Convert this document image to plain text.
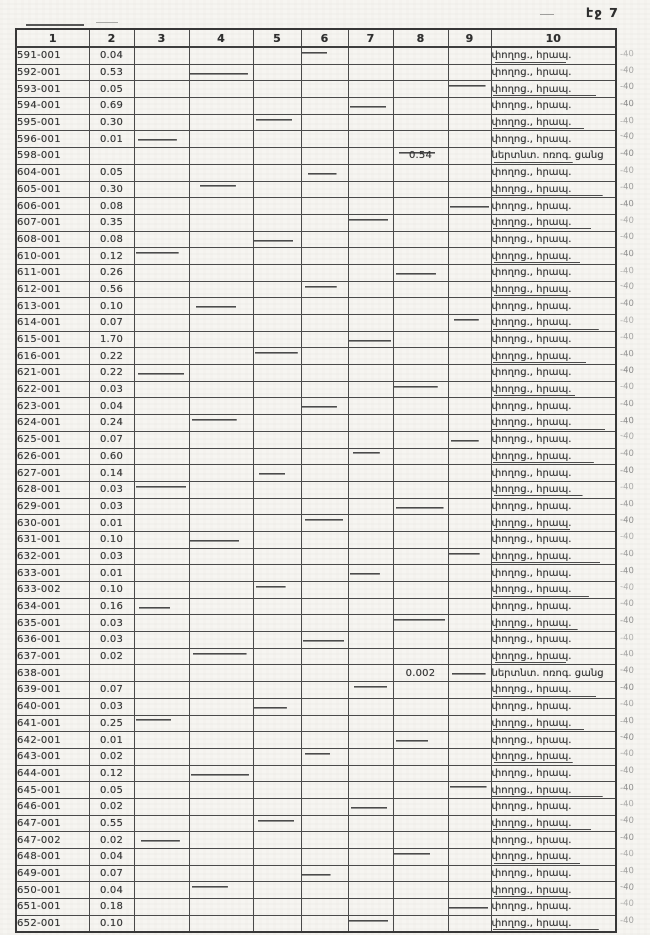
էջ 7
1	2	3	4	5	6	7	8	9	10
591-001	0.04								փողոց., հրապ.
592-001	0.53								փողոց., հրապ.
593-001	0.05								փողոց., հրապ.
594-001	0.69								փողոց., հրապ.
595-001	0.30								փողոց., հրապ.
596-001	0.01								փողոց., հրապ.
598-001							0.54		ներտնտ. ոռոգ. ցանց
604-001	0.05								փողոց., հրապ.
605-001	0.30								փողոց., հրապ.
606-001	0.08								փողոց., հրապ.
607-001	0.35								փողոց., հրապ.
608-001	0.08								փողոց., հրապ.
610-001	0.12								փողոց., հրապ.
611-001	0.26								փողոց., հրապ.
612-001	0.56								փողոց., հրապ.
613-001	0.10								փողոց., հրապ.
614-001	0.07								փողոց., հրապ.
615-001	1.70								փողոց., հրապ.
616-001	0.22								փողոց., հրապ.
621-001	0.22								փողոց., հրապ.
622-001	0.03								փողոց., հրապ.
623-001	0.04								փողոց., հրապ.
624-001	0.24								փողոց., հրապ.
625-001	0.07								փողոց., հրապ.
626-001	0.60								փողոց., հրապ.
627-001	0.14								փողոց., հրապ.
628-001	0.03								փողոց., հրապ.
629-001	0.03								փողոց., հրապ.
630-001	0.01								փողոց., հրապ.
631-001	0.10								փողոց., հրապ.
632-001	0.03								փողոց., հրապ.
633-001	0.01								փողոց., հրապ.
633-002	0.10								փողոց., հրապ.
634-001	0.16								փողոց., հրապ.
635-001	0.03								փողոց., հրապ.
636-001	0.03								փողոց., հրապ.
637-001	0.02								փողոց., հրապ.
638-001							0.002		ներտնտ. ոռոգ. ցանց
639-001	0.07								փողոց., հրապ.
640-001	0.03								փողոց., հրապ.
641-001	0.25								փողոց., հրապ.
642-001	0.01								փողոց., հրապ.
643-001	0.02								փողոց., հրապ.
644-001	0.12								փողոց., հրապ.
645-001	0.05								փողոց., հրապ.
646-001	0.02								փողոց., հրապ.
647-001	0.55								փողոց., հրապ.
647-002	0.02								փողոց., հրապ.
648-001	0.04								փողոց., հրապ.
649-001	0.07								փողոց., հրապ.
650-001	0.04								փողոց., հրապ.
651-001	0.18								փողոց., հրապ.
652-001	0.10								փողոց., հրապ.
-40
-40
-40
-40
-40
-40
-40
-40
-40
-40
-40
-40
-40
-40
-40
-40
-40
-40
-40
-40
-40
-40
-40
-40
-40
-40
-40
-40
-40
-40
-40
-40
-40
-40
-40
-40
-40
-40
-40
-40
-40
-40
-40
-40
-40
-40
-40
-40
-40
-40
-40
-40
-40
